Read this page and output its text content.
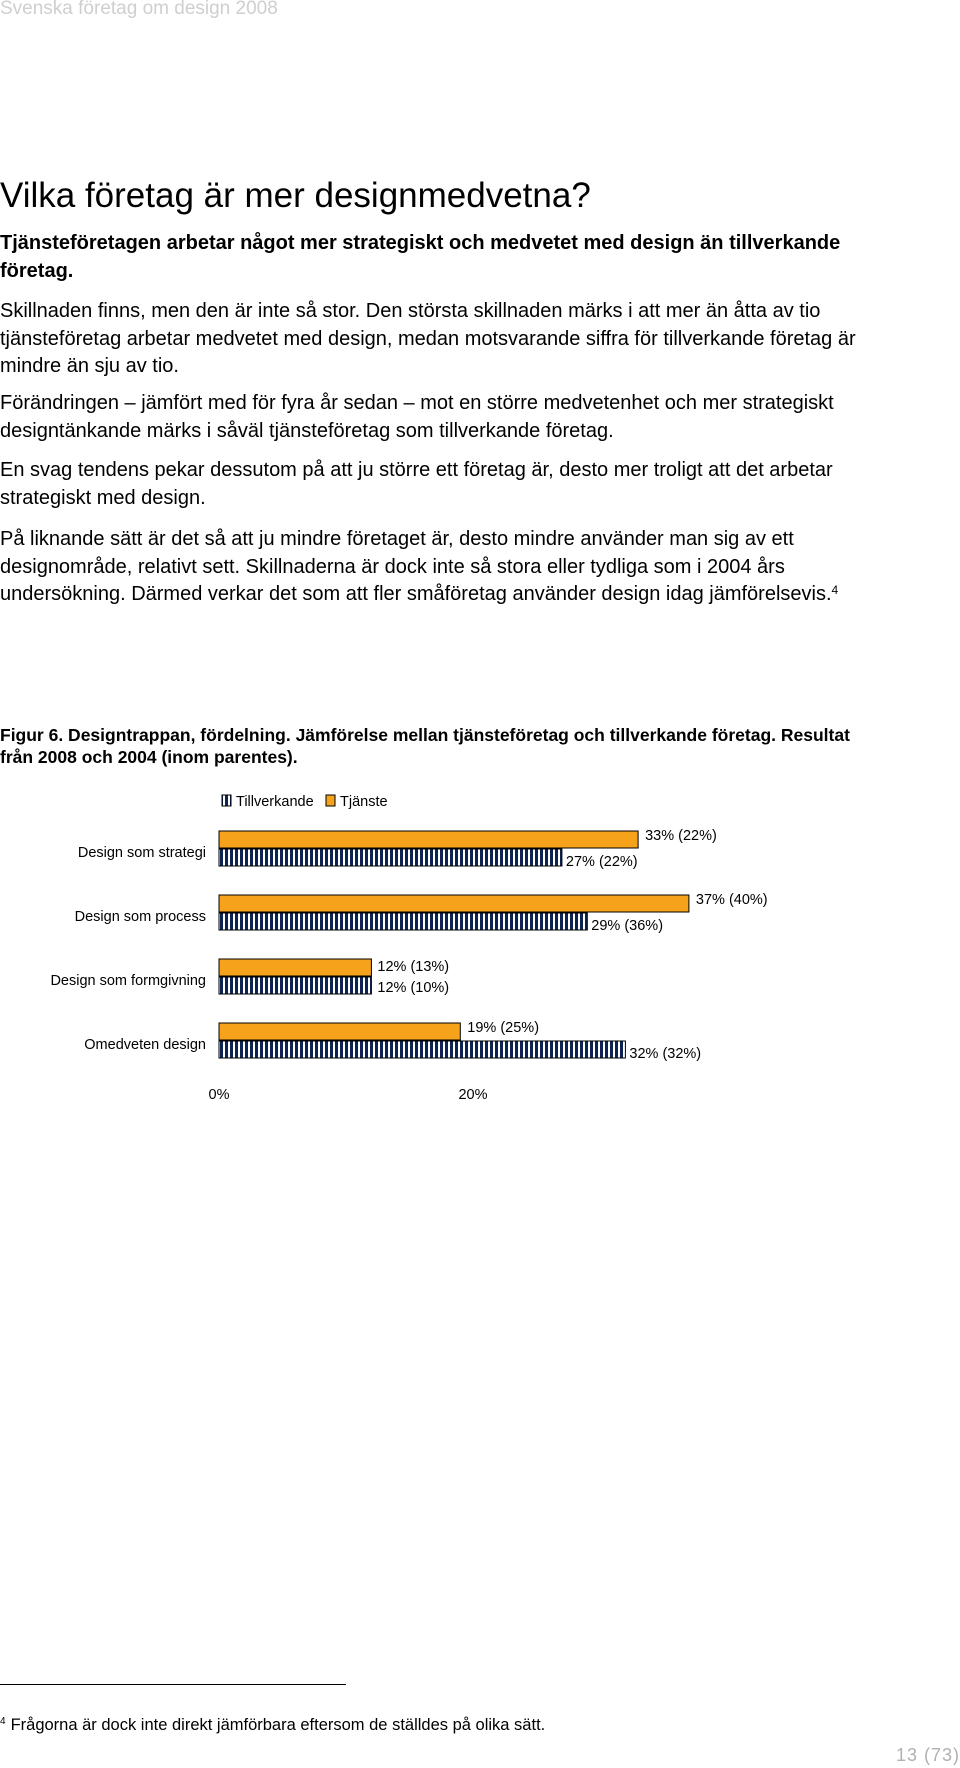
Svenska företag om design 2008
Vilka företag är mer designmedvetna?

Tjänsteföretagen arbetar något mer strategiskt och medvetet med design än tillverkande företag.

Skillnaden finns, men den är inte så stor. Den största skillnaden märks i att mer än åtta av tio tjänsteföretag arbetar medvetet med design, medan motsvarande siffra för tillverkande företag är mindre än sju av tio.

Förändringen – jämfört med för fyra år sedan – mot en större medvetenhet och mer strategiskt designtänkande märks i såväl tjänsteföretag som tillverkande företag.

En svag tendens pekar dessutom på att ju större ett företag är, desto mer troligt att det arbetar strategiskt med design.

På liknande sätt är det så att ju mindre företaget är, desto mindre använder man sig av ett designområde, relativt sett. Skillnaderna är dock inte så stora eller tydliga som i 2004 års undersökning. Därmed verkar det som att fler småföretag använder design idag jämförelsevis.$^4$

Figur 6. Designtrappan, fördelning. Jämförelse mellan tjänsteföretag och tillverkande företag. Resultat från 2008 och 2004 (inom parentes).

Tillverkande Tjänste
Design som strategi
33% (22%)
27% (22%)
Design som process
37% (40%)
29% (36%)
Design som formgivning
12% (13%)
12% (10%)
Omedveten design
19% (25%)
32% (32%)
0%	20%
$^4$ Frågorna är dock inte direkt jämförbara eftersom de ställdes på olika sätt.
13 (73)
